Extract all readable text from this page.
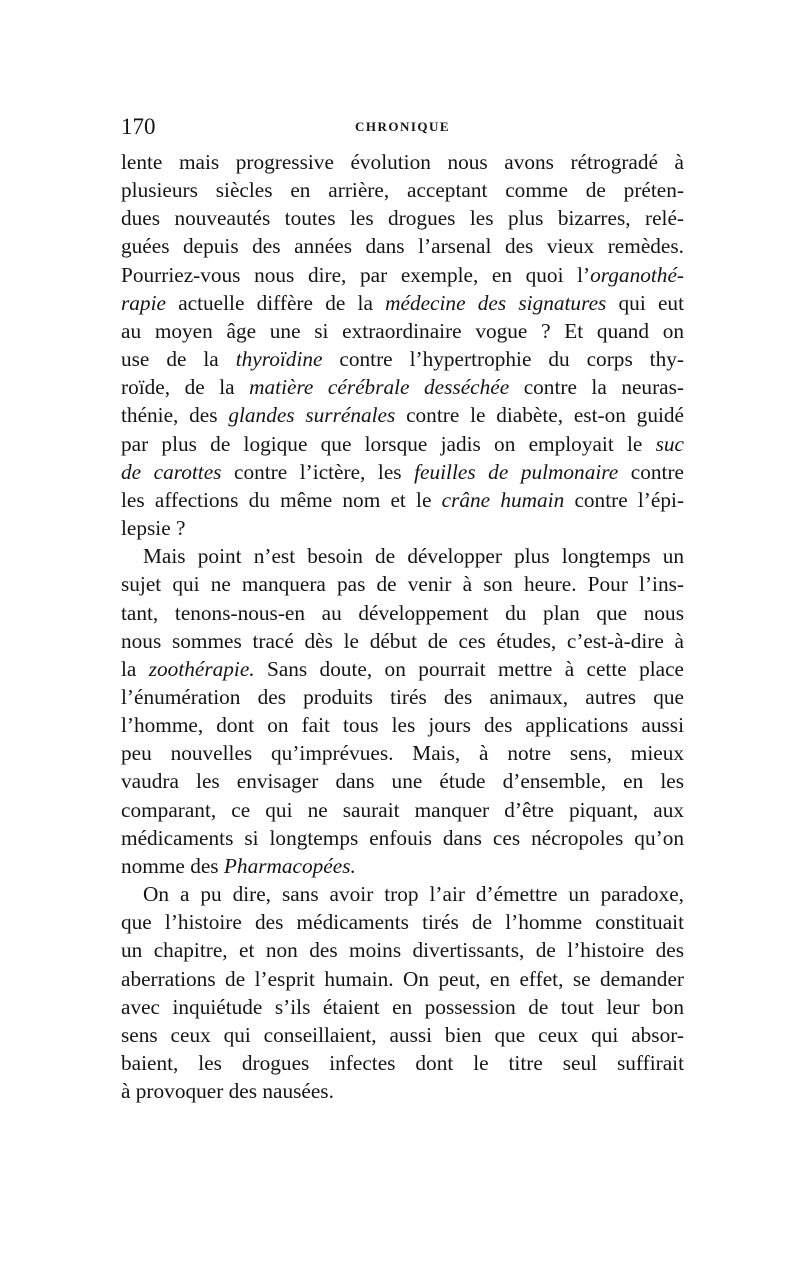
170	CHRONIQUE

lente mais progressive évolution nous avons rétrogradé à
plusieurs siècles en arrière, acceptant comme de préten-
dues nouveautés toutes les drogues les plus bizarres, relé-
guées depuis des années dans l’arsenal des vieux remèdes.
Pourriez-vous nous dire, par exemple, en quoi l’organothé-
rapie actuelle diffère de la médecine des signatures qui eut
au moyen âge une si extraordinaire vogue ? Et quand on
use de la thyroïdine contre l’hypertrophie du corps thy-
roïde, de la matière cérébrale desséchée contre la neuras-
thénie, des glandes surrénales contre le diabète, est-on guidé
par plus de logique que lorsque jadis on employait le suc
de carottes contre l’ictère, les feuilles de pulmonaire contre
les affections du même nom et le crâne humain contre l’épi-
lepsie ?

Mais point n’est besoin de développer plus longtemps un
sujet qui ne manquera pas de venir à son heure. Pour l’ins-
tant, tenons-nous-en au développement du plan que nous
nous sommes tracé dès le début de ces études, c’est-à-dire à
la zoothérapie. Sans doute, on pourrait mettre à cette place
l’énumération des produits tirés des animaux, autres que
l’homme, dont on fait tous les jours des applications aussi
peu nouvelles qu’imprévues. Mais, à notre sens, mieux
vaudra les envisager dans une étude d’ensemble, en les
comparant, ce qui ne saurait manquer d’être piquant, aux
médicaments si longtemps enfouis dans ces nécropoles qu’on
nomme des Pharmacopées.

On a pu dire, sans avoir trop l’air d’émettre un paradoxe,
que l’histoire des médicaments tirés de l’homme constituait
un chapitre, et non des moins divertissants, de l’histoire des
aberrations de l’esprit humain. On peut, en effet, se demander
avec inquiétude s’ils étaient en possession de tout leur bon
sens ceux qui conseillaient, aussi bien que ceux qui absor-
baient, les drogues infectes dont le titre seul suffirait
à provoquer des nausées.
